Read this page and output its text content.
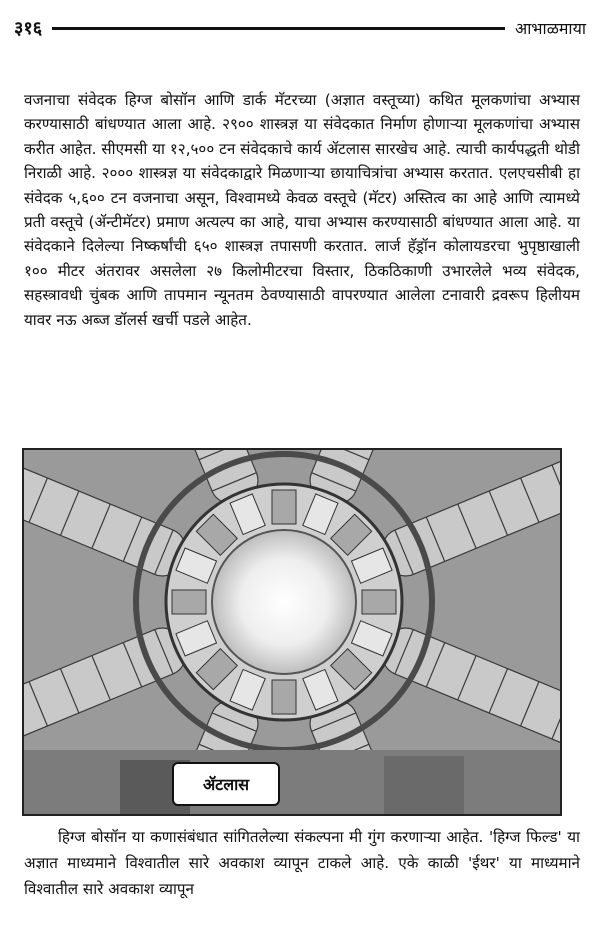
३१६	आभाळमाया

वजनाचा संवेदक हिग्ज बोसॉन आणि डार्क मॅटरच्या (अज्ञात वस्तूच्या) कथित मूलकणांचा अभ्यास करण्यासाठी बांधण्यात आला आहे. २९०० शास्त्रज्ञ या संवेदकात निर्माण होणाऱ्या मूलकणांचा अभ्यास करीत आहेत. सीएमसी या १२,५०० टन संवेदकाचे कार्य ॲटलास सारखेच आहे. त्याची कार्यपद्धती थोडी निराळी आहे. २००० शास्त्रज्ञ या संवेदकाद्वारे मिळणाऱ्या छायाचित्रांचा अभ्यास करतात. एलएचसीबी हा संवेदक ५,६०० टन वजनाचा असून, विश्वामध्ये केवळ वस्तूचे (मॅटर) अस्तित्व का आहे आणि त्यामध्ये प्रती वस्तूचे (ॲन्टीमॅटर) प्रमाण अत्यल्प का आहे, याचा अभ्यास करण्यासाठी बांधण्यात आला आहे. या संवेदकाने दिलेल्या निष्कर्षांची ६५० शास्त्रज्ञ तपासणी करतात. लार्ज हॅड्रॉन कोलायडरचा भुपृष्ठाखाली १०० मीटर अंतरावर असलेला २७ किलोमीटरचा विस्तार, ठिकठिकाणी उभारलेले भव्य संवेदक, सहस्त्रावधी चुंबक आणि तापमान न्यूनतम ठेवण्यासाठी वापरण्यात आलेला टनावारी द्रवरूप हिलीयम यावर नऊ अब्ज डॉलर्स खर्ची पडले आहेत.

ॲटलास

हिग्ज बोसॉन या कणासंबंधात सांगितलेल्या संकल्पना मी गुंग करणाऱ्या आहेत. 'हिग्ज फिल्ड' या अज्ञात माध्यमाने विश्वातील सारे अवकाश व्यापून टाकले आहे. एके काळी 'ईथर' या माध्यमाने विश्वातील सारे अवकाश व्यापून
